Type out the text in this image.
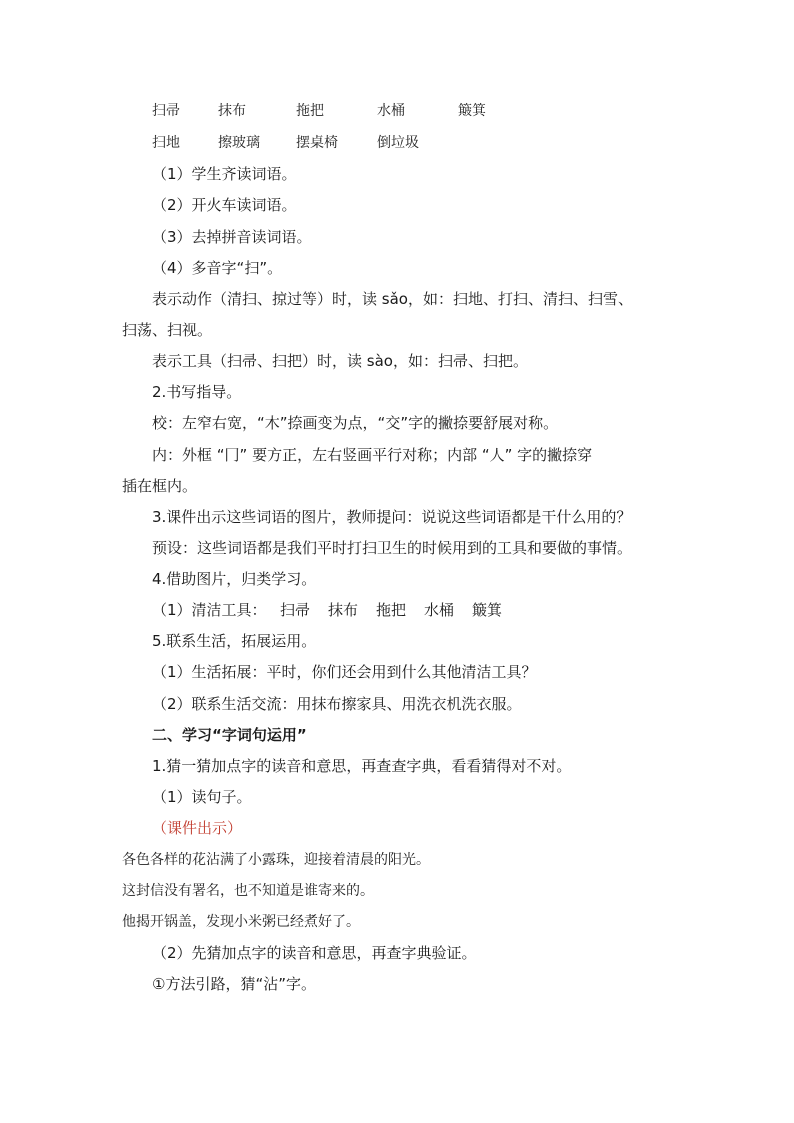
扫帚	抹布	拖把	水桶	簸箕
扫地	擦玻璃	摆桌椅	倒垃圾
（1）学生齐读词语。
（2）开火车读词语。
（3）去掉拼音读词语。
（4）多音字“扫”。
表示动作（清扫、掠过等）时，读 sǎo，如：扫地、打扫、清扫、扫雪、
扫荡、扫视。
表示工具（扫帚、扫把）时，读 sào，如：扫帚、扫把。
2.书写指导。
校：左窄右宽，“木”捺画变为点，“交”字的撇捺要舒展对称。
内：外框 “冂” 要方正，左右竖画平行对称；内部 “人” 字的撇捺穿
插在框内。
3.课件出示这些词语的图片，教师提问：说说这些词语都是干什么用的？
预设：这些词语都是我们平时打扫卫生的时候用到的工具和要做的事情。
4.借助图片，归类学习。
（1）清洁工具： 扫帚 抹布 拖把 水桶 簸箕
5.联系生活，拓展运用。
（1）生活拓展：平时，你们还会用到什么其他清洁工具？
（2）联系生活交流：用抹布擦家具、用洗衣机洗衣服。
二、学习“字词句运用”
1.猜一猜加点字的读音和意思，再查查字典，看看猜得对不对。
（1）读句子。
（课件出示）
各色各样的花沾满了小露珠，迎接着清晨的阳光。
这封信没有署名，也不知道是谁寄来的。
他揭开锅盖，发现小米粥已经煮好了。
（2）先猜加点字的读音和意思，再查字典验证。
①方法引路，猜“沾”字。
